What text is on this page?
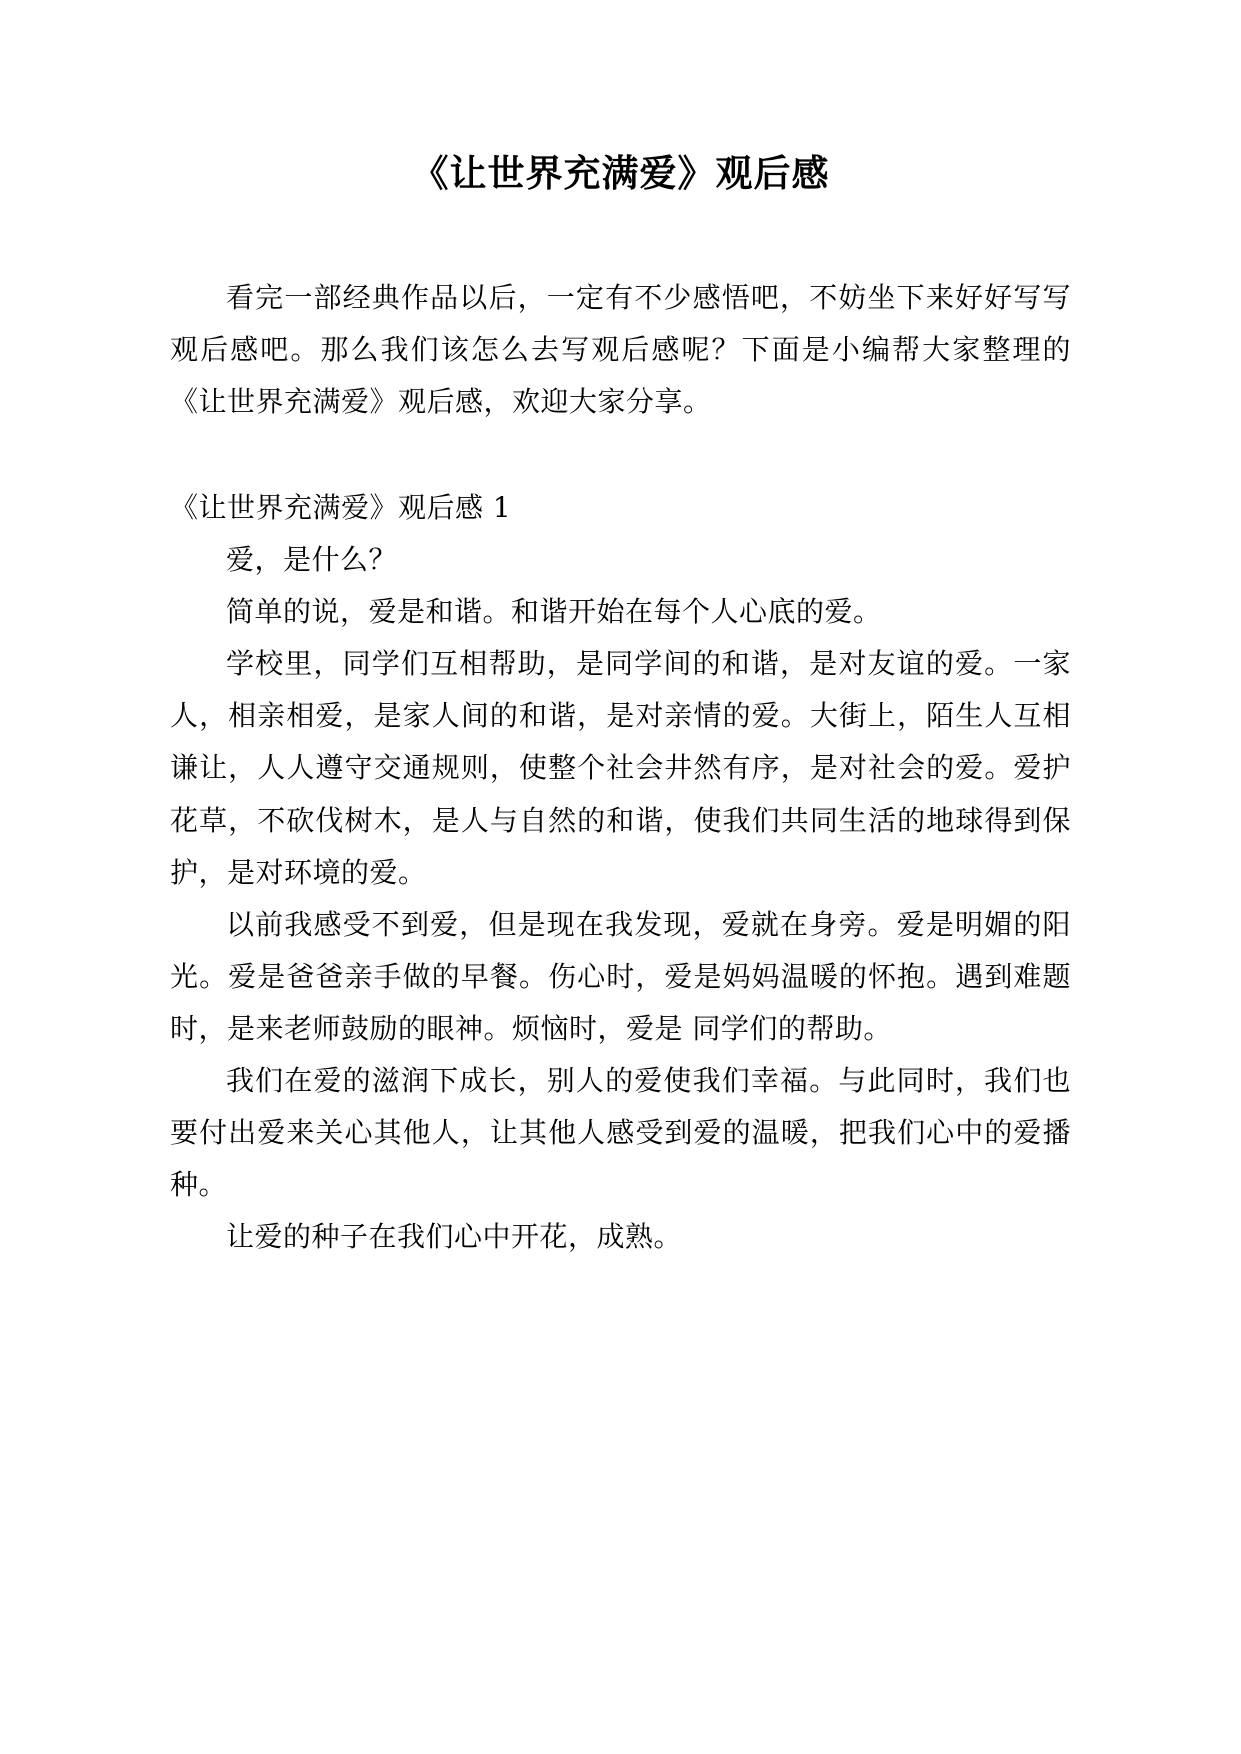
《让世界充满爱》观后感

看完一部经典作品以后，一定有不少感悟吧，不妨坐下来好好写写观后感吧。那么我们该怎么去写观后感呢？下面是小编帮大家整理的《让世界充满爱》观后感，欢迎大家分享。

《让世界充满爱》观后感 1

爱，是什么？

简单的说，爱是和谐。和谐开始在每个人心底的爱。

学校里，同学们互相帮助，是同学间的和谐，是对友谊的爱。一家人，相亲相爱，是家人间的和谐，是对亲情的爱。大街上，陌生人互相谦让，人人遵守交通规则，使整个社会井然有序，是对社会的爱。爱护花草，不砍伐树木，是人与自然的和谐，使我们共同生活的地球得到保护，是对环境的爱。

以前我感受不到爱，但是现在我发现，爱就在身旁。爱是明媚的阳光。爱是爸爸亲手做的早餐。伤心时，爱是妈妈温暖的怀抱。遇到难题时，是来老师鼓励的眼神。烦恼时，爱是 同学们的帮助。

我们在爱的滋润下成长，别人的爱使我们幸福。与此同时，我们也要付出爱来关心其他人，让其他人感受到爱的温暖，把我们心中的爱播种。

让爱的种子在我们心中开花，成熟。
